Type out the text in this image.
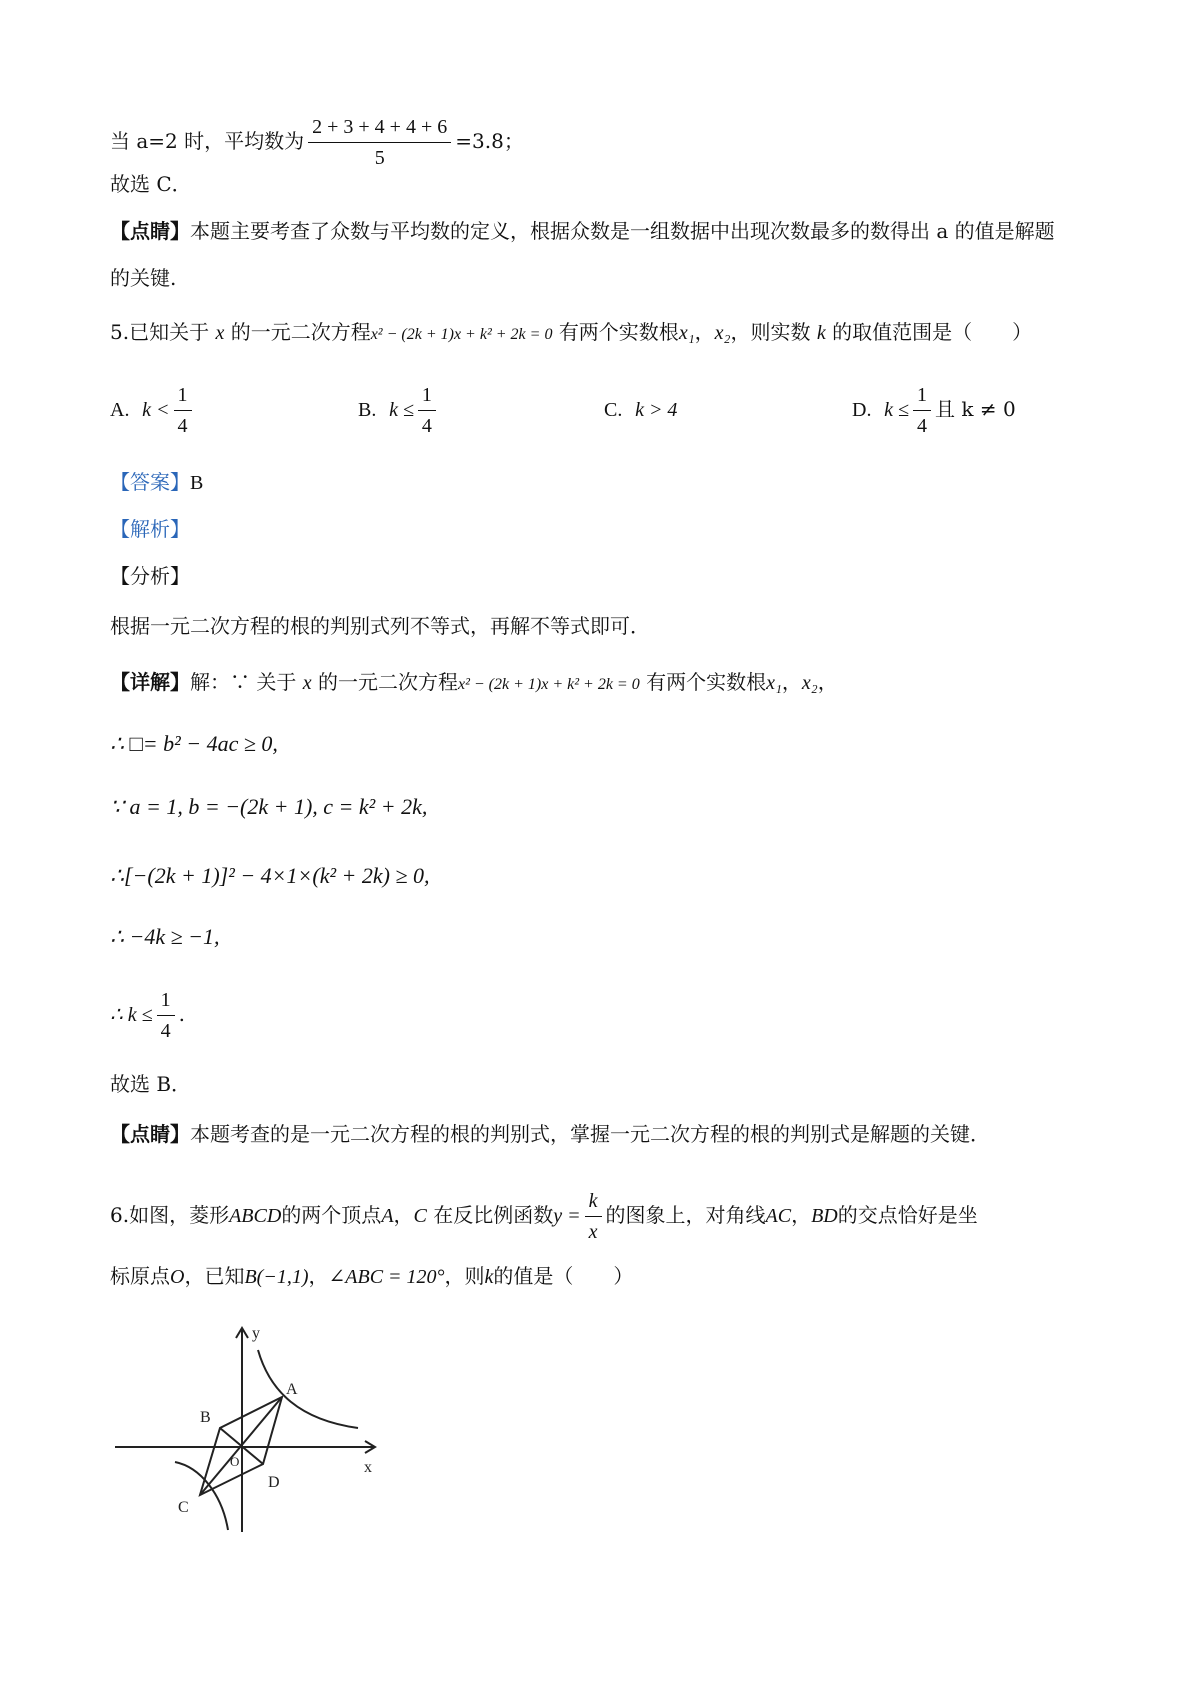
当 a=2 时，平均数为 $\frac{2 + 3 + 4 + 4 + 6}{5} =3.8$；
故选 C．
【点睛】本题主要考查了众数与平均数的定义，根据众数是一组数据中出现次数最多的数得出 a 的值是解题
的关键.
5.已知关于 x 的一元二次方程x² − (2k + 1)x + k² + 2k = 0 有两个实数根x₁，x₂，则实数 k 的取值范围是（　　）
A. $k < \frac{1}{4}$	B. $k \le \frac{1}{4}$	C. k > 4	D. $k \le \frac{1}{4}$ 且 k ≠ 0
【答案】B
【解析】
【分析】
根据一元二次方程的根的判别式列不等式，再解不等式即可．
【详解】解：∵ 关于 x 的一元二次方程x² − (2k + 1)x + k² + 2k = 0 有两个实数根x₁，x₂，
∴ □= b² − 4ac ≥ 0,
∵ a = 1, b = −(2k + 1), c = k² + 2k,
∴[−(2k + 1)]² − 4×1×(k² + 2k) ≥ 0,
∴ −4k ≥ −1,
∴ $k \le \frac{1}{4}$ .
故选 B．
【点睛】本题考查的是一元二次方程的根的判别式，掌握一元二次方程的根的判别式是解题的关键．
6.如图，菱形ABCD的两个顶点A，C 在反比例函数$y = \frac{k}{x}$ 的图象上，对角线AC，BD的交点恰好是坐
标原点O，已知B(−1,1)，∠ABC = 120°，则k的值是（　　）
y
x
A
B
C
D
O
